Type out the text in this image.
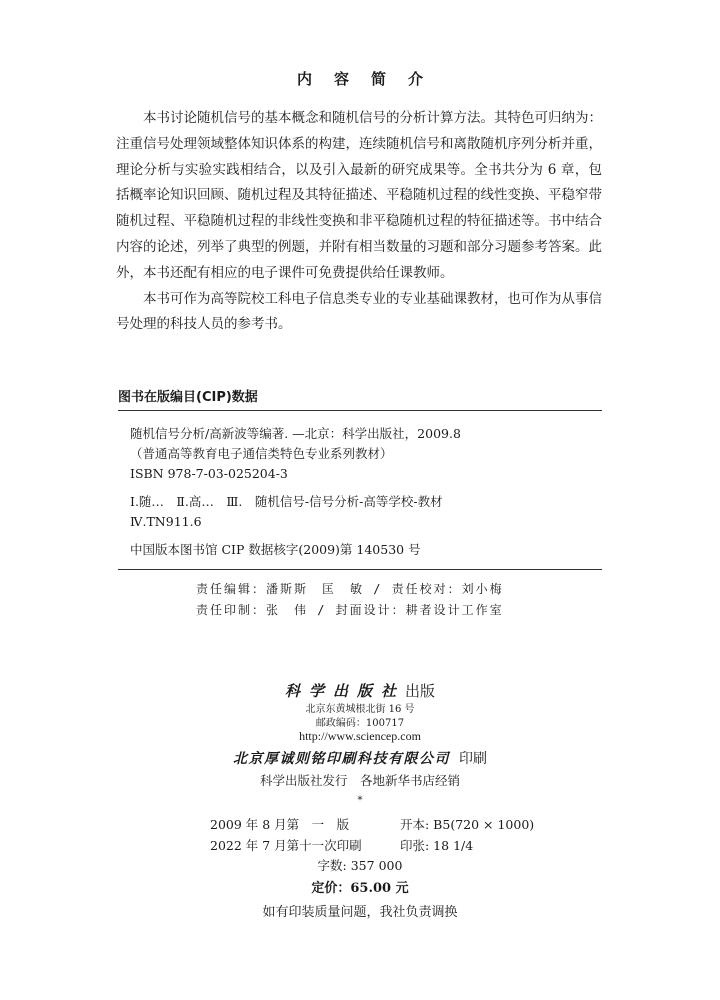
内容简介

本书讨论随机信号的基本概念和随机信号的分析计算方法。其特色可归纳为：注重信号处理领域整体知识体系的构建，连续随机信号和离散随机序列分析并重，理论分析与实验实践相结合，以及引入最新的研究成果等。全书共分为 6 章，包括概率论知识回顾、随机过程及其特征描述、平稳随机过程的线性变换、平稳窄带随机过程、平稳随机过程的非线性变换和非平稳随机过程的特征描述等。书中结合内容的论述，列举了典型的例题，并附有相当数量的习题和部分习题参考答案。此外，本书还配有相应的电子课件可免费提供给任课教师。

本书可作为高等院校工科电子信息类专业的专业基础课教材，也可作为从事信号处理的科技人员的参考书。

图书在版编目(CIP)数据
随机信号分析/高新波等编著. —北京：科学出版社，2009.8
（普通高等教育电子通信类特色专业系列教材）
ISBN 978-7-03-025204-3
Ⅰ.随…　Ⅱ.高…　Ⅲ.　随机信号-信号分析-高等学校-教材
Ⅳ.TN911.6
中国版本图书馆 CIP 数据核字(2009)第 140530 号
责任编辑：潘斯斯　匡　敏 / 责任校对：刘小梅
责任印制：张　伟 / 封面设计：耕者设计工作室
科学出版社出版
北京东黄城根北街 16 号
邮政编码：100717
http://www.sciencep.com
北京厚诚则铭印刷科技有限公司 印刷
科学出版社发行　各地新华书店经销
*
2009 年 8 月第　一　版	开本: B5(720 × 1000)
2022 年 7 月第十一次印刷	印张: 18 1/4
字数: 357 000
定价：65.00 元
如有印装质量问题，我社负责调换
